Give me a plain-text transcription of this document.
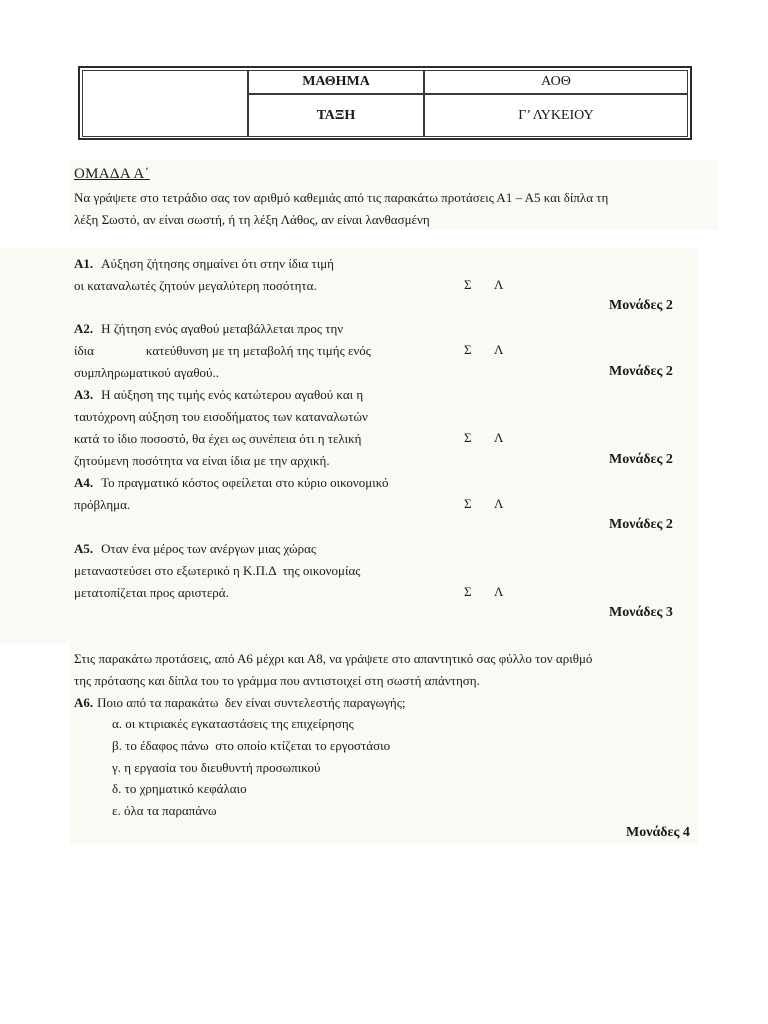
ΜΑΘΗΜΑ	ΑΟΘ
ΤΑΞΗ	Γ’ ΛΥΚΕΙΟΥ
ΟΜΑΔΑ Α΄
Να γράψετε στο τετράδιο σας τον αριθμό καθεμιάς από τις παρακάτω προτάσεις Α1 – Α5 και δίπλα τη
λέξη Σωστό, αν είναι σωστή, ή τη λέξη Λάθος, αν είναι λανθασμένη
Α1. Αύξηση ζήτησης σημαίνει ότι στην ίδια τιμή
οι καταναλωτές ζητούν μεγαλύτερη ποσότητα.	Σ Λ
Μονάδες 2
Α2. Η ζήτηση ενός αγαθού μεταβάλλεται προς την
ίδια                κατεύθυνση με τη μεταβολή της τιμής ενός	Σ Λ
συμπληρωματικού αγαθού..	Μονάδες 2
Α3. Η αύξηση της τιμής ενός κατώτερου αγαθού και η
ταυτόχρονη αύξηση του εισοδήματος των καταναλωτών
κατά το ίδιο ποσοστό, θα έχει ως συνέπεια ότι η τελική	Σ Λ
ζητούμενη ποσότητα να είναι ίδια με την αρχική.	Μονάδες 2
Α4. Το πραγματικό κόστος οφείλεται στο κύριο οικονομικό
πρόβλημα.	Σ Λ
Μονάδες 2
Α5. Οταν ένα μέρος των ανέργων μιας χώρας
μεταναστεύσει στο εξωτερικό η Κ.Π.Δ  της οικονομίας
μετατοπίζεται προς αριστερά.	Σ Λ
Μονάδες 3
Στις παρακάτω προτάσεις, από Α6 μέχρι και Α8, να γράψετε στο απαντητικό σας φύλλο τον αριθμό
της πρότασης και δίπλα του το γράμμα που αντιστοιχεί στη σωστή απάντηση.
Α6. Ποιο από τα παρακάτω  δεν είναι συντελεστής παραγωγής;
α. οι κτιριακές εγκαταστάσεις της επιχείρησης
β. το έδαφος πάνω  στο οποίο κτίζεται το εργοστάσιο
γ. η εργασία του διευθυντή προσωπικού
δ. το χρηματικό κεφάλαιο
ε. όλα τα παραπάνω
Μονάδες 4
